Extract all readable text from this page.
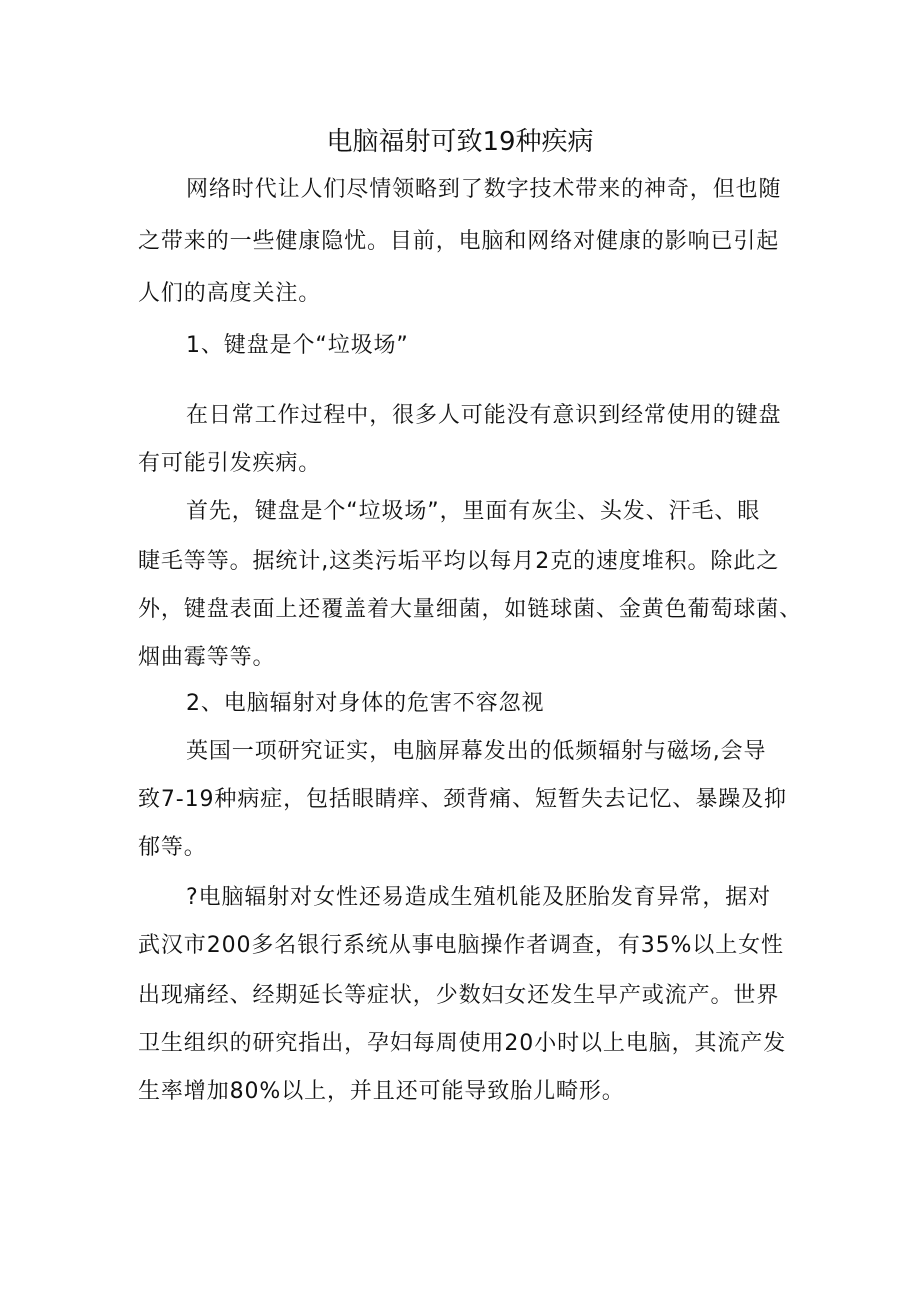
电脑福射可致19种疾病
网络时代让人们尽情领略到了数字技术带来的神奇，但也随
之带来的一些健康隐忧。目前，电脑和网络对健康的影响已引起
人们的高度关注。
1、键盘是个“垃圾场”
在日常工作过程中，很多人可能没有意识到经常使用的键盘
有可能引发疾病。
首先，键盘是个“垃圾场”，里面有灰尘、头发、汗毛、眼
睫毛等等。据统计,这类污垢平均以每月2克的速度堆积。除此之
外，键盘表面上还覆盖着大量细菌，如链球菌、金黄色葡萄球菌、
烟曲霉等等。
2、电脑辐射对身体的危害不容忽视
英国一项研究证实，电脑屏幕发出的低频辐射与磁场,会导
致7-19种病症，包括眼睛痒、颈背痛、短暂失去记忆、暴躁及抑
郁等。
?电脑辐射对女性还易造成生殖机能及胚胎发育异常，据对
武汉市200多名银行系统从事电脑操作者调查，有35%以上女性
出现痛经、经期延长等症状，少数妇女还发生早产或流产。世界
卫生组织的研究指出，孕妇每周使用20小时以上电脑，其流产发
生率增加80%以上，并且还可能导致胎儿畸形。
